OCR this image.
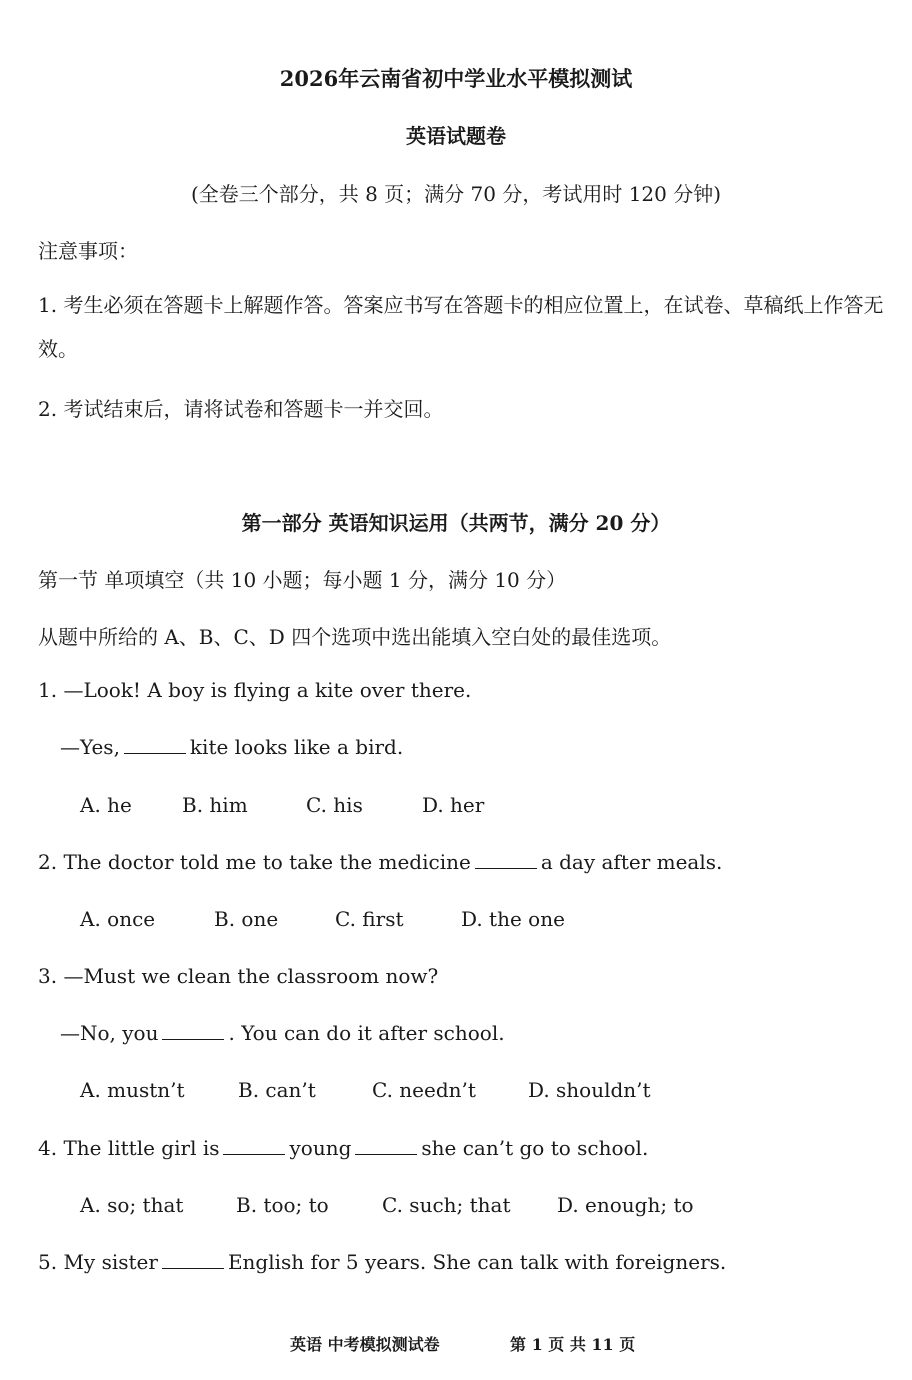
2026年云南省初中学业水平模拟测试
英语试题卷
(全卷三个部分，共 8 页；满分 70 分，考试用时 120 分钟)
注意事项：
1. 考生必须在答题卡上解题作答。答案应书写在答题卡的相应位置上，在试卷、草稿纸上作答无效。
2. 考试结束后，请将试卷和答题卡一并交回。
第一部分 英语知识运用（共两节，满分 20 分）
第一节 单项填空（共 10 小题；每小题 1 分，满分 10 分）
从题中所给的 A、B、C、D 四个选项中选出能填入空白处的最佳选项。
1. —Look! A boy is flying a kite over there.
—Yes,	kite looks like a bird.
A. he	B. him	C. his	D. her
2. The doctor told me to take the medicine	a day after meals.
A. once	B. one	C. first	D. the one
3. —Must we clean the classroom now?
—No, you	. You can do it after school.
A. mustn’t	B. can’t	C. needn’t	D. shouldn’t
4. The little girl is	young	she can’t go to school.
A. so; that	B. too; to	C. such; that D. enough; to
5. My sister	English for 5 years. She can talk with foreigners.
英语 中考模拟测试卷	第 1 页 共 11 页
